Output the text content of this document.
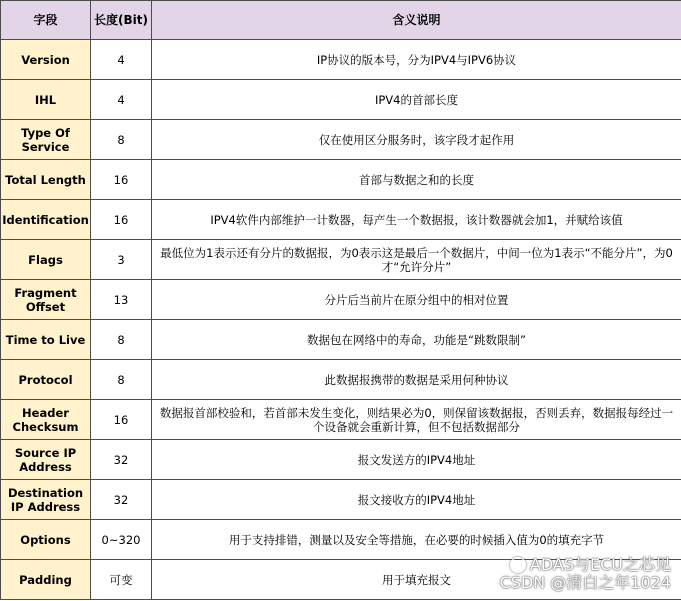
字段	长度(Bit)	含义说明
Version	4	IP协议的版本号，分为IPV4与IPV6协议
IHL	4	IPV4的首部长度
Type Of Service	8	仅在使用区分服务时，该字段才起作用
Total Length	16	首部与数据之和的长度
Identification	16	IPV4软件内部维护一计数器，每产生一个数据报，该计数器就会加1，并赋给该值
Flags	3	最低位为1表示还有分片的数据报，为0表示这是最后一个数据片，中间一位为1表示“不能分片”，为0才“允许分片”
Fragment Offset	13	分片后当前片在原分组中的相对位置
Time to Live	8	数据包在网络中的寿命，功能是“跳数限制”
Protocol	8	此数据报携带的数据是采用何种协议
Header Checksum	16	数据报首部校验和，若首部未发生变化，则结果必为0，则保留该数据报，否则丢弃，数据报每经过一个设备就会重新计算，但不包括数据部分
Source IP Address	32	报文发送方的IPV4地址
Destination IP Address	32	报文接收方的IPV4地址
Options	0~320	用于支持排错，测量以及安全等措施，在必要的时候插入值为0的填充字节
Padding	可变	用于填充报文
ADAS与ECU之芯见
CSDN @清白之年1024
